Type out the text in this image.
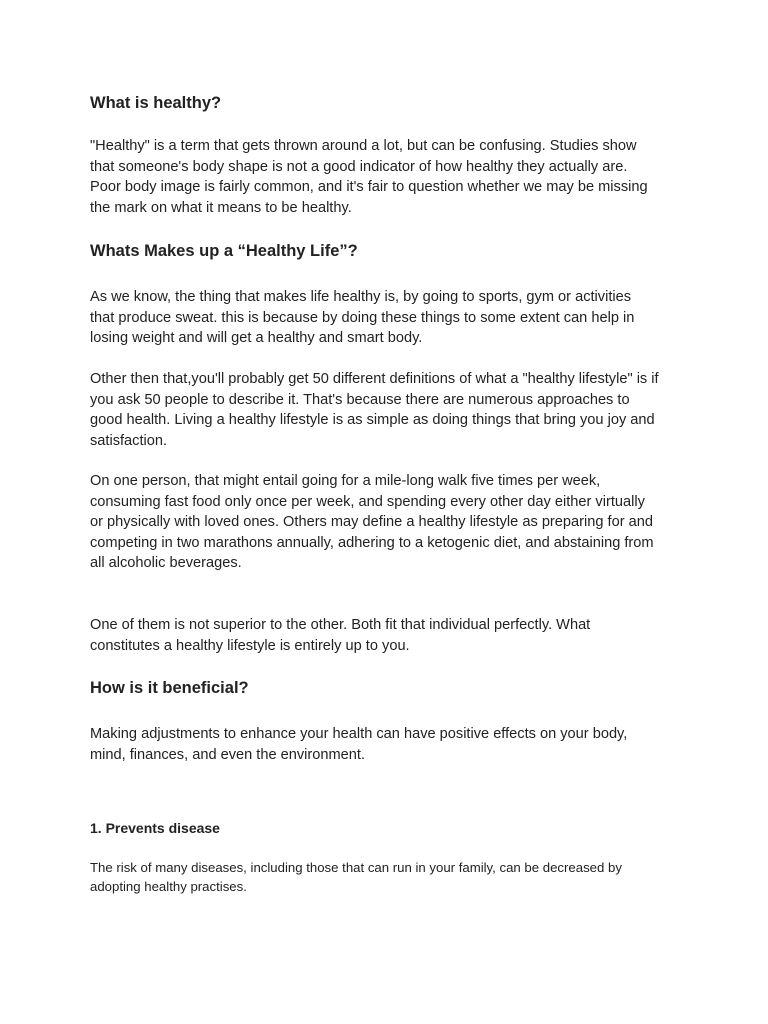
What is healthy?
"Healthy" is a term that gets thrown around a lot, but can be confusing. Studies show
that someone's body shape is not a good indicator of how healthy they actually are.
Poor body image is fairly common, and it's fair to question whether we may be missing
the mark on what it means to be healthy.
Whats Makes up a “Healthy Life”?
As we know, the thing that makes life healthy is, by going to sports, gym or activities
that produce sweat. this is because by doing these things to some extent can help in
losing weight and will get a healthy and smart body.
Other then that,you'll probably get 50 different definitions of what a "healthy lifestyle" is if
you ask 50 people to describe it. That's because there are numerous approaches to
good health. Living a healthy lifestyle is as simple as doing things that bring you joy and
satisfaction.
On one person, that might entail going for a mile-long walk five times per week,
consuming fast food only once per week, and spending every other day either virtually
or physically with loved ones. Others may define a healthy lifestyle as preparing for and
competing in two marathons annually, adhering to a ketogenic diet, and abstaining from
all alcoholic beverages.
One of them is not superior to the other. Both fit that individual perfectly. What
constitutes a healthy lifestyle is entirely up to you.
How is it beneficial?
Making adjustments to enhance your health can have positive effects on your body,
mind, finances, and even the environment.
1. Prevents disease
The risk of many diseases, including those that can run in your family, can be decreased by
adopting healthy practises.
